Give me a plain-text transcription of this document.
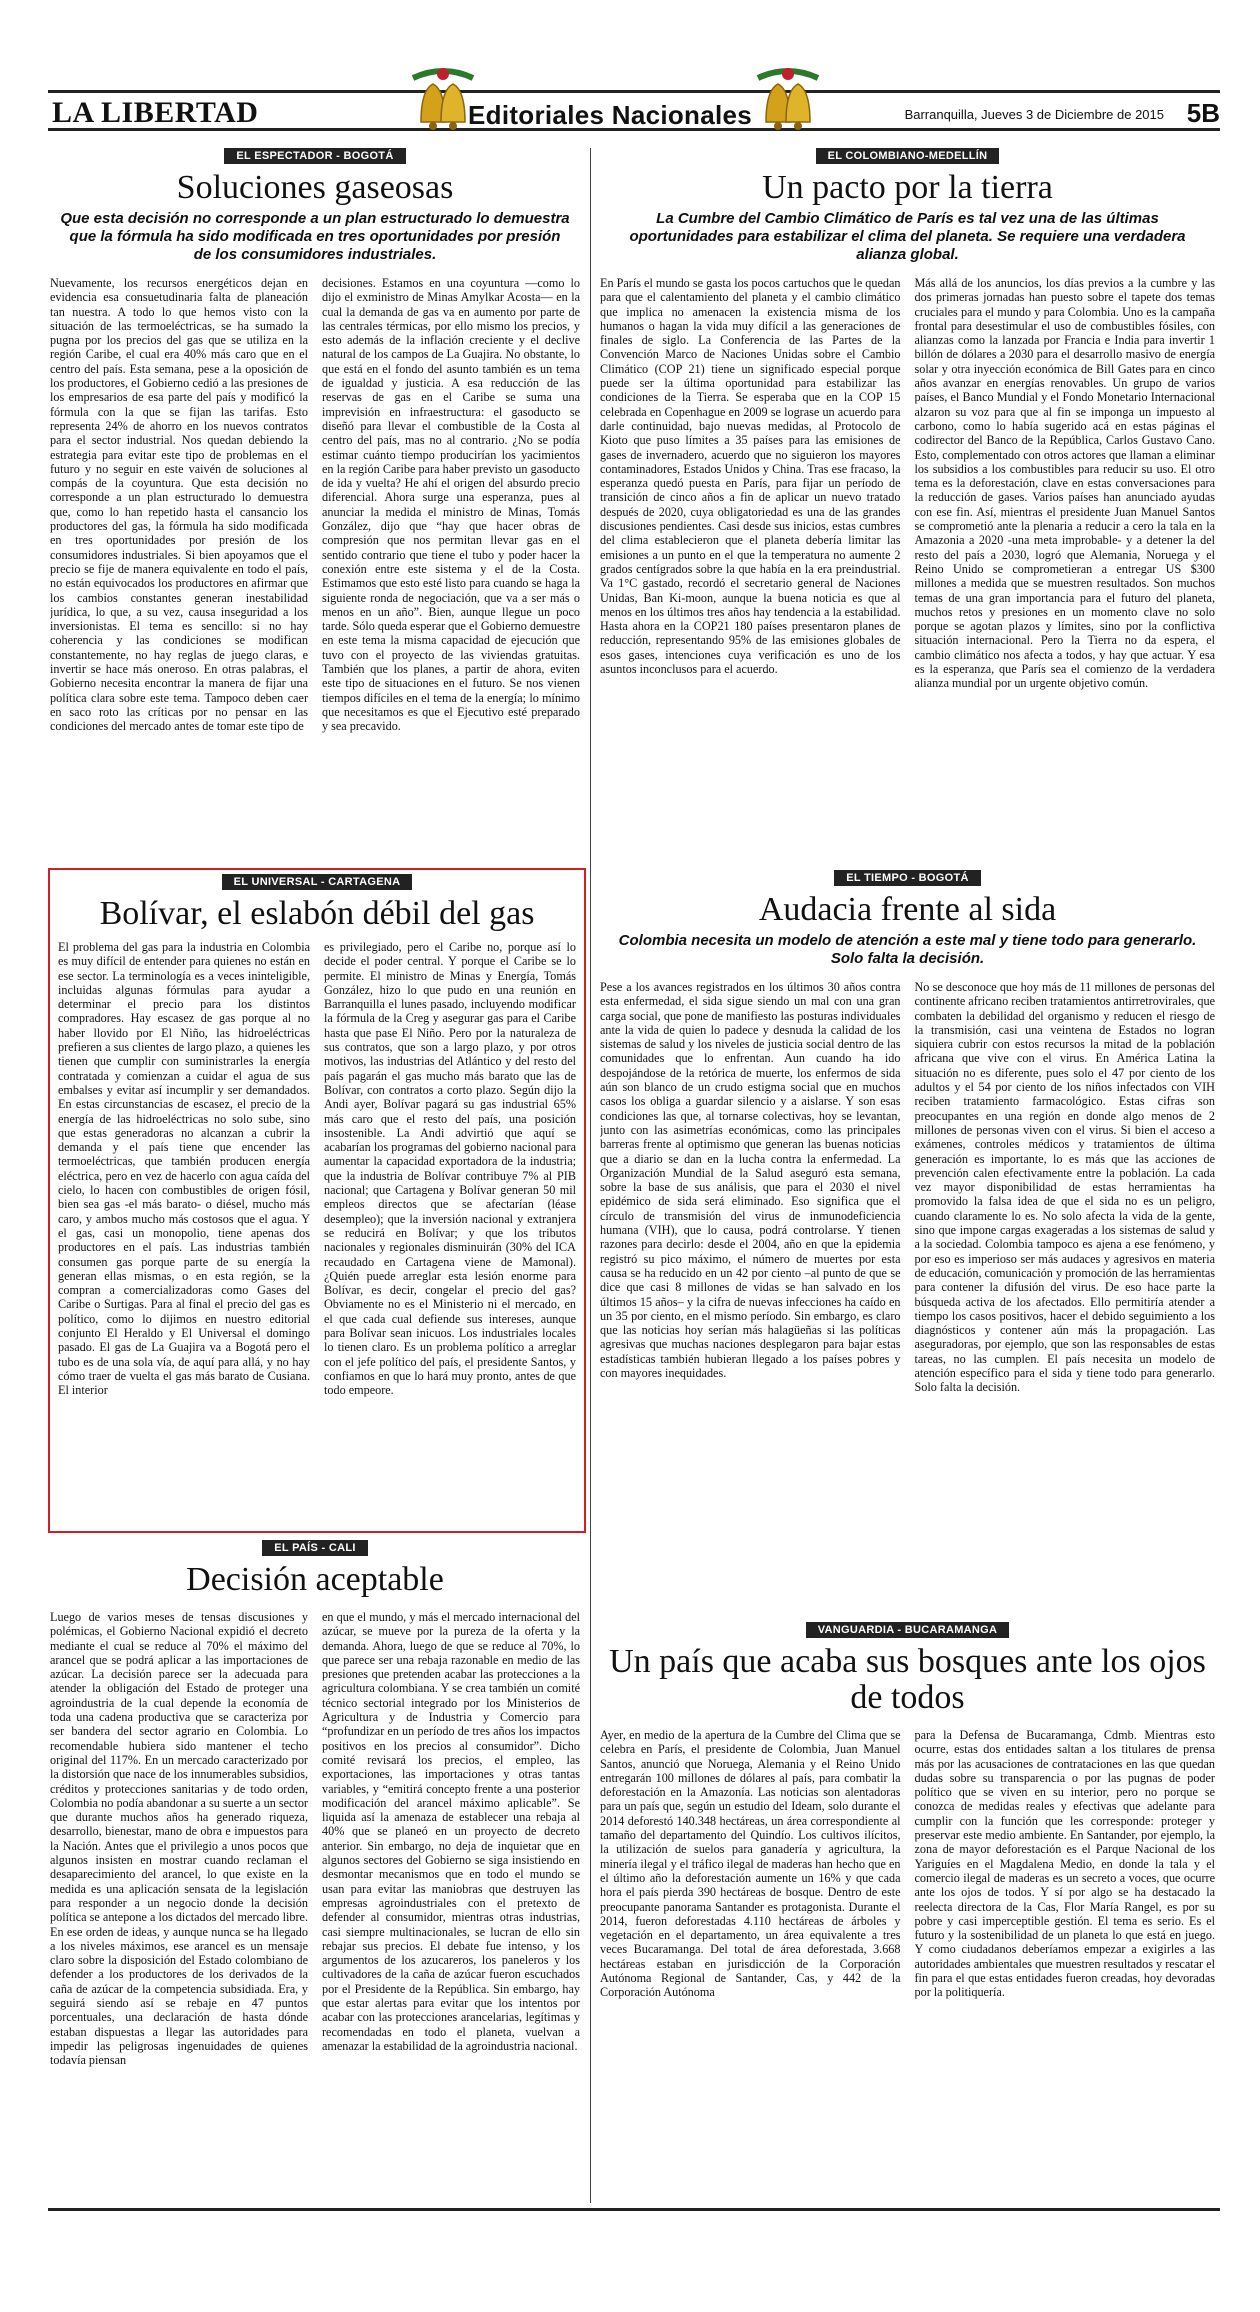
LA LIBERTAD	Editoriales Nacionales	Barranquilla, Jueves 3 de Diciembre de 2015 5B
EL ESPECTADOR - BOGOTÁ
Soluciones gaseosas
Que esta decisión no corresponde a un plan estructurado lo demuestra que la fórmula ha sido modificada en tres oportunidades por presión de los consumidores industriales.
Nuevamente, los recursos energéticos dejan en evidencia esa consuetudinaria falta de planeación tan nuestra. A todo lo que hemos visto con la situación de las termoeléctricas, se ha sumado la pugna por los precios del gas que se utiliza en la región Caribe, el cual era 40% más caro que en el centro del país. Esta semana, pese a la oposición de los productores, el Gobierno cedió a las presiones de los empresarios de esa parte del país y modificó la fórmula con la que se fijan las tarifas. Esto representa 24% de ahorro en los nuevos contratos para el sector industrial. Nos quedan debiendo la estrategia para evitar este tipo de problemas en el futuro y no seguir en este vaivén de soluciones al compás de la coyuntura. Que esta decisión no corresponde a un plan estructurado lo demuestra que, como lo han repetido hasta el cansancio los productores del gas, la fórmula ha sido modificada en tres oportunidades por presión de los consumidores industriales. Si bien apoyamos que el precio se fije de manera equivalente en todo el país, no están equivocados los productores en afirmar que los cambios constantes generan inestabilidad jurídica, lo que, a su vez, causa inseguridad a los inversionistas. El tema es sencillo: si no hay coherencia y las condiciones se modifican constantemente, no hay reglas de juego claras, e invertir se hace más oneroso. En otras palabras, el Gobierno necesita encontrar la manera de fijar una política clara sobre este tema. Tampoco deben caer en saco roto las críticas por no pensar en las condiciones del mercado antes de tomar este tipo de
decisiones. Estamos en una coyuntura —como lo dijo el exministro de Minas Amylkar Acosta— en la cual la demanda de gas va en aumento por parte de las centrales térmicas, por ello mismo los precios, y esto además de la inflación creciente y el declive natural de los campos de La Guajira. No obstante, lo que está en el fondo del asunto también es un tema de igualdad y justicia. A esa reducción de las reservas de gas en el Caribe se suma una imprevisión en infraestructura: el gasoducto se diseñó para llevar el combustible de la Costa al centro del país, mas no al contrario. ¿No se podía estimar cuánto tiempo producirían los yacimientos en la región Caribe para haber previsto un gasoducto de ida y vuelta? He ahí el origen del absurdo precio diferencial. Ahora surge una esperanza, pues al anunciar la medida el ministro de Minas, Tomás González, dijo que “hay que hacer obras de compresión que nos permitan llevar gas en el sentido contrario que tiene el tubo y poder hacer la conexión entre este sistema y el de la Costa. Estimamos que esto esté listo para cuando se haga la siguiente ronda de negociación, que va a ser más o menos en un año”. Bien, aunque llegue un poco tarde. Sólo queda esperar que el Gobierno demuestre en este tema la misma capacidad de ejecución que tuvo con el proyecto de las viviendas gratuitas. También que los planes, a partir de ahora, eviten este tipo de situaciones en el futuro. Se nos vienen tiempos difíciles en el tema de la energía; lo mínimo que necesitamos es que el Ejecutivo esté preparado y sea precavido.
EL COLOMBIANO-MEDELLÍN
Un pacto por la tierra
La Cumbre del Cambio Climático de París es tal vez una de las últimas oportunidades para estabilizar el clima del planeta. Se requiere una verdadera alianza global.
En París el mundo se gasta los pocos cartuchos que le quedan para que el calentamiento del planeta y el cambio climático que implica no amenacen la existencia misma de los humanos o hagan la vida muy difícil a las generaciones de finales de siglo. La Conferencia de las Partes de la Convención Marco de Naciones Unidas sobre el Cambio Climático (COP 21) tiene un significado especial porque puede ser la última oportunidad para estabilizar las condiciones de la Tierra. Se esperaba que en la COP 15 celebrada en Copenhague en 2009 se lograse un acuerdo para darle continuidad, bajo nuevas medidas, al Protocolo de Kioto que puso límites a 35 países para las emisiones de gases de invernadero, acuerdo que no siguieron los mayores contaminadores, Estados Unidos y China. Tras ese fracaso, la esperanza quedó puesta en París, para fijar un período de transición de cinco años a fin de aplicar un nuevo tratado después de 2020, cuya obligatoriedad es una de las grandes discusiones pendientes. Casi desde sus inicios, estas cumbres del clima establecieron que el planeta debería limitar las emisiones a un punto en el que la temperatura no aumente 2 grados centígrados sobre la que había en la era preindustrial. Va 1°C gastado, recordó el secretario general de Naciones Unidas, Ban Ki-moon, aunque la buena noticia es que al menos en los últimos tres años hay tendencia a la estabilidad. Hasta ahora en la COP21 180 países presentaron planes de reducción, representando 95% de las emisiones globales de esos gases, intenciones cuya verificación es uno de los asuntos inconclusos para el acuerdo.
Más allá de los anuncios, los días previos a la cumbre y las dos primeras jornadas han puesto sobre el tapete dos temas cruciales para el mundo y para Colombia. Uno es la campaña frontal para desestimular el uso de combustibles fósiles, con alianzas como la lanzada por Francia e India para invertir 1 billón de dólares a 2030 para el desarrollo masivo de energía solar y otra inyección económica de Bill Gates para en cinco años avanzar en energías renovables. Un grupo de varios países, el Banco Mundial y el Fondo Monetario Internacional alzaron su voz para que al fin se imponga un impuesto al carbono, como lo había sugerido acá en estas páginas el codirector del Banco de la República, Carlos Gustavo Cano. Esto, complementado con otros actores que llaman a eliminar los subsidios a los combustibles para reducir su uso. El otro tema es la deforestación, clave en estas conversaciones para la reducción de gases. Varios países han anunciado ayudas con ese fin. Así, mientras el presidente Juan Manuel Santos se comprometió ante la plenaria a reducir a cero la tala en la Amazonia a 2020 -una meta improbable- y a detener la del resto del país a 2030, logró que Alemania, Noruega y el Reino Unido se comprometieran a entregar US $300 millones a medida que se muestren resultados. Son muchos temas de una gran importancia para el futuro del planeta, muchos retos y presiones en un momento clave no solo porque se agotan plazos y límites, sino por la conflictiva situación internacional. Pero la Tierra no da espera, el cambio climático nos afecta a todos, y hay que actuar. Y esa es la esperanza, que París sea el comienzo de la verdadera alianza mundial por un urgente objetivo común.
EL UNIVERSAL - CARTAGENA
Bolívar, el eslabón débil del gas
El problema del gas para la industria en Colombia es muy difícil de entender para quienes no están en ese sector. La terminología es a veces ininteligible, incluidas algunas fórmulas para ayudar a determinar el precio para los distintos compradores. Hay escasez de gas porque al no haber llovido por El Niño, las hidroeléctricas prefieren a sus clientes de largo plazo, a quienes les tienen que cumplir con suministrarles la energía contratada y comienzan a cuidar el agua de sus embalses y evitar así incumplir y ser demandados. En estas circunstancias de escasez, el precio de la energía de las hidroeléctricas no solo sube, sino que estas generadoras no alcanzan a cubrir la demanda y el país tiene que encender las termoeléctricas, que también producen energía eléctrica, pero en vez de hacerlo con agua caída del cielo, lo hacen con combustibles de origen fósil, bien sea gas -el más barato- o diésel, mucho más caro, y ambos mucho más costosos que el agua. Y el gas, casi un monopolio, tiene apenas dos productores en el país. Las industrias también consumen gas porque parte de su energía la generan ellas mismas, o en esta región, se la compran a comercializadoras como Gases del Caribe o Surtigas. Para al final el precio del gas es político, como lo dijimos en nuestro editorial conjunto El Heraldo y El Universal el domingo pasado. El gas de La Guajira va a Bogotá pero el tubo es de una sola vía, de aquí para allá, y no hay cómo traer de vuelta el gas más barato de Cusiana. El interior
es privilegiado, pero el Caribe no, porque así lo decide el poder central. Y porque el Caribe se lo permite. El ministro de Minas y Energía, Tomás González, hizo lo que pudo en una reunión en Barranquilla el lunes pasado, incluyendo modificar la fórmula de la Creg y asegurar gas para el Caribe hasta que pase El Niño. Pero por la naturaleza de sus contratos, que son a largo plazo, y por otros motivos, las industrias del Atlántico y del resto del país pagarán el gas mucho más barato que las de Bolívar, con contratos a corto plazo. Según dijo la Andi ayer, Bolívar pagará su gas industrial 65% más caro que el resto del país, una posición insostenible. La Andi advirtió que aquí se acabarían los programas del gobierno nacional para aumentar la capacidad exportadora de la industria; que la industria de Bolívar contribuye 7% al PIB nacional; que Cartagena y Bolívar generan 50 mil empleos directos que se afectarían (léase desempleo); que la inversión nacional y extranjera se reducirá en Bolívar; y que los tributos nacionales y regionales disminuirán (30% del ICA recaudado en Cartagena viene de Mamonal). ¿Quién puede arreglar esta lesión enorme para Bolívar, es decir, congelar el precio del gas? Obviamente no es el Ministerio ni el mercado, en el que cada cual defiende sus intereses, aunque para Bolívar sean inicuos. Los industriales locales lo tienen claro. Es un problema político a arreglar con el jefe político del país, el presidente Santos, y confiamos en que lo hará muy pronto, antes de que todo empeore.
EL TIEMPO - BOGOTÁ
Audacia frente al sida
Colombia necesita un modelo de atención a este mal y tiene todo para generarlo. Solo falta la decisión.
Pese a los avances registrados en los últimos 30 años contra esta enfermedad, el sida sigue siendo un mal con una gran carga social, que pone de manifiesto las posturas individuales ante la vida de quien lo padece y desnuda la calidad de los sistemas de salud y los niveles de justicia social dentro de las comunidades que lo enfrentan. Aun cuando ha ido despojándose de la retórica de muerte, los enfermos de sida aún son blanco de un crudo estigma social que en muchos casos los obliga a guardar silencio y a aislarse. Y son esas condiciones las que, al tornarse colectivas, hoy se levantan, junto con las asimetrías económicas, como las principales barreras frente al optimismo que generan las buenas noticias que a diario se dan en la lucha contra la enfermedad. La Organización Mundial de la Salud aseguró esta semana, sobre la base de sus análisis, que para el 2030 el nivel epidémico de sida será eliminado. Eso significa que el círculo de transmisión del virus de inmunodeficiencia humana (VIH), que lo causa, podrá controlarse. Y tienen razones para decirlo: desde el 2004, año en que la epidemia registró su pico máximo, el número de muertes por esta causa se ha reducido en un 42 por ciento –al punto de que se dice que casi 8 millones de vidas se han salvado en los últimos 15 años– y la cifra de nuevas infecciones ha caído en un 35 por ciento, en el mismo período. Sin embargo, es claro que las noticias hoy serían más halagüeñas si las políticas agresivas que muchas naciones desplegaron para bajar estas estadísticas también hubieran llegado a los países pobres y con mayores inequidades.
No se desconoce que hoy más de 11 millones de personas del continente africano reciben tratamientos antirretrovirales, que combaten la debilidad del organismo y reducen el riesgo de la transmisión, casi una veintena de Estados no logran siquiera cubrir con estos recursos la mitad de la población africana que vive con el virus. En América Latina la situación no es diferente, pues solo el 47 por ciento de los adultos y el 54 por ciento de los niños infectados con VIH reciben tratamiento farmacológico. Estas cifras son preocupantes en una región en donde algo menos de 2 millones de personas viven con el virus. Si bien el acceso a exámenes, controles médicos y tratamientos de última generación es importante, lo es más que las acciones de prevención calen efectivamente entre la población. La cada vez mayor disponibilidad de estas herramientas ha promovido la falsa idea de que el sida no es un peligro, cuando claramente lo es. No solo afecta la vida de la gente, sino que impone cargas exageradas a los sistemas de salud y a la sociedad. Colombia tampoco es ajena a ese fenómeno, y por eso es imperioso ser más audaces y agresivos en materia de educación, comunicación y promoción de las herramientas para contener la difusión del virus. De eso hace parte la búsqueda activa de los afectados. Ello permitiría atender a tiempo los casos positivos, hacer el debido seguimiento a los diagnósticos y contener aún más la propagación. Las aseguradoras, por ejemplo, que son las responsables de estas tareas, no las cumplen. El país necesita un modelo de atención específico para el sida y tiene todo para generarlo. Solo falta la decisión.
EL PAÍS - CALI
Decisión aceptable
Luego de varios meses de tensas discusiones y polémicas, el Gobierno Nacional expidió el decreto mediante el cual se reduce al 70% el máximo del arancel que se podrá aplicar a las importaciones de azúcar. La decisión parece ser la adecuada para atender la obligación del Estado de proteger una agroindustria de la cual depende la economía de toda una cadena productiva que se caracteriza por ser bandera del sector agrario en Colombia. Lo recomendable hubiera sido mantener el techo original del 117%. En un mercado caracterizado por la distorsión que nace de los innumerables subsidios, créditos y protecciones sanitarias y de todo orden, Colombia no podía abandonar a su suerte a un sector que durante muchos años ha generado riqueza, desarrollo, bienestar, mano de obra e impuestos para la Nación. Antes que el privilegio a unos pocos que algunos insisten en mostrar cuando reclaman el desaparecimiento del arancel, lo que existe en la medida es una aplicación sensata de la legislación para responder a un negocio donde la decisión política se antepone a los dictados del mercado libre. En ese orden de ideas, y aunque nunca se ha llegado a los niveles máximos, ese arancel es un mensaje claro sobre la disposición del Estado colombiano de defender a los productores de los derivados de la caña de azúcar de la competencia subsidiada. Era, y seguirá siendo así se rebaje en 47 puntos porcentuales, una declaración de hasta dónde estaban dispuestas a llegar las autoridades para impedir las peligrosas ingenuidades de quienes todavía piensan
en que el mundo, y más el mercado internacional del azúcar, se mueve por la pureza de la oferta y la demanda. Ahora, luego de que se reduce al 70%, lo que parece ser una rebaja razonable en medio de las presiones que pretenden acabar las protecciones a la agricultura colombiana. Y se crea también un comité técnico sectorial integrado por los Ministerios de Agricultura y de Industria y Comercio para “profundizar en un período de tres años los impactos positivos en los precios al consumidor”. Dicho comité revisará los precios, el empleo, las exportaciones, las importaciones y otras tantas variables, y “emitirá concepto frente a una posterior modificación del arancel máximo aplicable”. Se liquida así la amenaza de establecer una rebaja al 40% que se planeó en un proyecto de decreto anterior. Sin embargo, no deja de inquietar que en algunos sectores del Gobierno se siga insistiendo en desmontar mecanismos que en todo el mundo se usan para evitar las maniobras que destruyen las empresas agroindustriales con el pretexto de defender al consumidor, mientras otras industrias, casi siempre multinacionales, se lucran de ello sin rebajar sus precios. El debate fue intenso, y los argumentos de los azucareros, los paneleros y los cultivadores de la caña de azúcar fueron escuchados por el Presidente de la República. Sin embargo, hay que estar alertas para evitar que los intentos por acabar con las protecciones arancelarias, legítimas y recomendadas en todo el planeta, vuelvan a amenazar la estabilidad de la agroindustria nacional.
VANGUARDIA - BUCARAMANGA
Un país que acaba sus bosques ante los ojos de todos
Ayer, en medio de la apertura de la Cumbre del Clima que se celebra en París, el presidente de Colombia, Juan Manuel Santos, anunció que Noruega, Alemania y el Reino Unido entregarán 100 millones de dólares al país, para combatir la deforestación en la Amazonía. Las noticias son alentadoras para un país que, según un estudio del Ideam, solo durante el 2014 deforestó 140.348 hectáreas, un área correspondiente al tamaño del departamento del Quindío. Los cultivos ilícitos, la utilización de suelos para ganadería y agricultura, la minería ilegal y el tráfico ilegal de maderas han hecho que en el último año la deforestación aumente un 16% y que cada hora el país pierda 390 hectáreas de bosque. Dentro de este preocupante panorama Santander es protagonista. Durante el 2014, fueron deforestadas 4.110 hectáreas de árboles y vegetación en el departamento, un área equivalente a tres veces Bucaramanga. Del total de área deforestada, 3.668 hectáreas estaban en jurisdicción de la Corporación Autónoma Regional de Santander, Cas, y 442 de la Corporación Autónoma
para la Defensa de Bucaramanga, Cdmb. Mientras esto ocurre, estas dos entidades saltan a los titulares de prensa más por las acusaciones de contrataciones en las que quedan dudas sobre su transparencia o por las pugnas de poder político que se viven en su interior, pero no porque se conozca de medidas reales y efectivas que adelante para cumplir con la función que les corresponde: proteger y preservar este medio ambiente. En Santander, por ejemplo, la zona de mayor deforestación es el Parque Nacional de los Yariguíes en el Magdalena Medio, en donde la tala y el comercio ilegal de maderas es un secreto a voces, que ocurre ante los ojos de todos. Y sí por algo se ha destacado la reelecta directora de la Cas, Flor María Rangel, es por su pobre y casi imperceptible gestión. El tema es serio. Es el futuro y la sostenibilidad de un planeta lo que está en juego. Y como ciudadanos deberíamos empezar a exigirles a las autoridades ambientales que muestren resultados y rescatar el fin para el que estas entidades fueron creadas, hoy devoradas por la politiquería.
